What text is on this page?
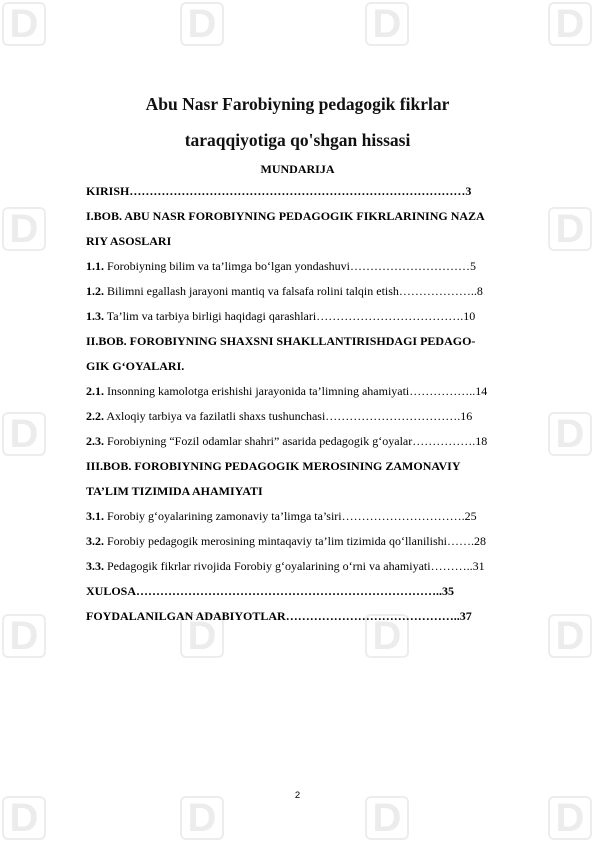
D	D	D	D
D	D
D	D
D	D	D	D
D	D	D	D
Abu Nasr Farobiyning pedagogik fikrlar
taraqqiyotiga qo'shgan hissasi
MUNDARIJA
KIRISH…………………………………………………………………………3
I.BOB. ABU NASR FOROBIYNING PEDAGOGIK FIKRLARINING NAZA
RIY ASOSLARI
1.1. Forobiyning bilim va ta’limga bo‘lgan yondashuvi…………………………5
1.2. Bilimni egallash jarayoni mantiq va falsafa rolini talqin etish………………..8
1.3. Ta’lim va tarbiya birligi haqidagi qarashlari……………………………….10
II.BOB. FOROBIYNING SHAXSNI SHAKLLANTIRISHDAGI PEDAGO-
GIK G‘OYALARI.
2.1. Insonning kamolotga erishishi jarayonida ta’limning ahamiyati……………..14
2.2. Axloqiy tarbiya va fazilatli shaxs tushunchasi…………………………….16
2.3. Forobiyning “Fozil odamlar shahri” asarida pedagogik g‘oyalar…………….18
III.BOB. FOROBIYNING PEDAGOGIK MEROSINING ZAMONAVIY
TA’LIM TIZIMIDA AHAMIYATI
3.1. Forobiy g‘oyalarining zamonaviy ta’limga ta’siri………………………….25
3.2. Forobiy pedagogik merosining mintaqaviy ta’lim tizimida qo‘llanilishi…….28
3.3. Pedagogik fikrlar rivojida Forobiy g‘oyalarining o‘rni va ahamiyati………..31
XULOSA…………………………………………………………………..35
FOYDALANILGAN ADABIYOTLAR……………………………………..37
2
